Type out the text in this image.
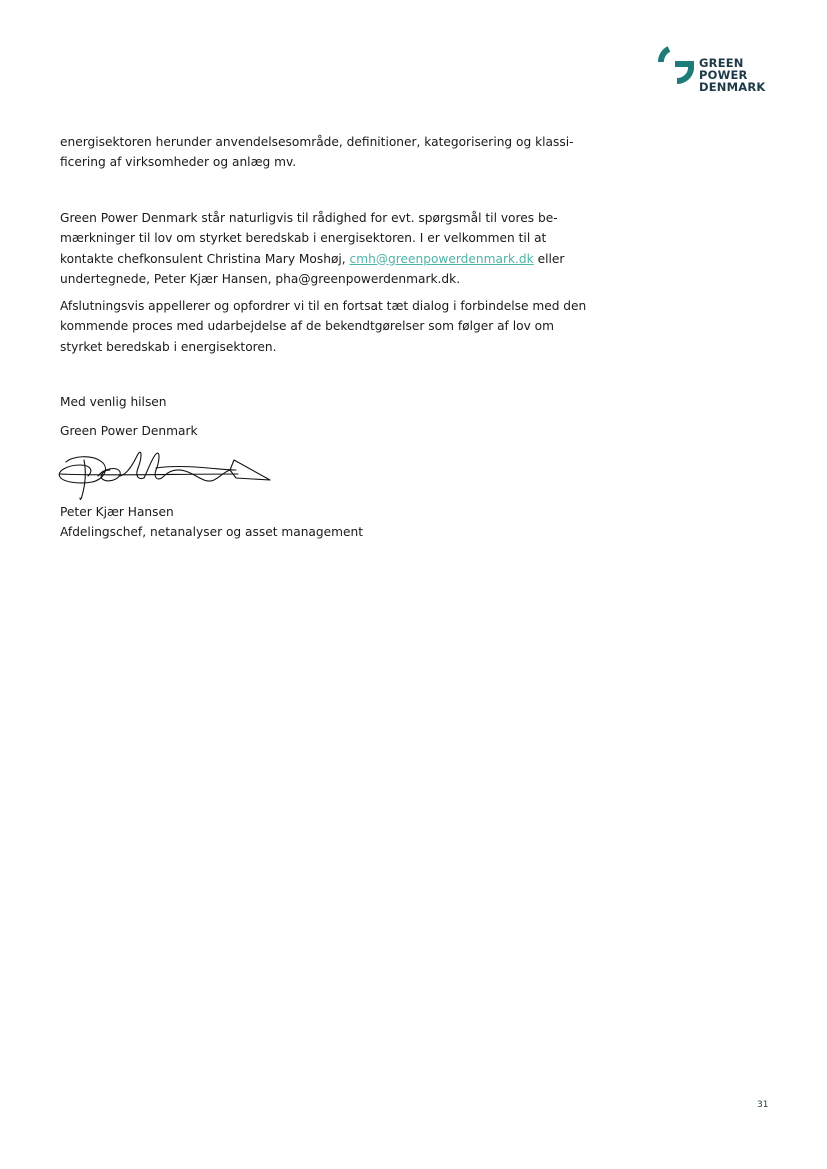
GREEN
POWER
DENMARK

energisektoren herunder anvendelsesområde, definitioner, kategorisering og klassi- ficering af virksomheder og anlæg mv.

Green Power Denmark står naturligvis til rådighed for evt. spørgsmål til vores be- mærkninger til lov om styrket beredskab i energisektoren. I er velkommen til at kontakte chefkonsulent Christina Mary Moshøj, cmh@greenpowerdenmark.dk eller undertegnede, Peter Kjær Hansen, pha@greenpowerdenmark.dk.

Afslutningsvis appellerer og opfordrer vi til en fortsat tæt dialog i forbindelse med den kommende proces med udarbejdelse af de bekendtgørelser som følger af lov om styrket beredskab i energisektoren.

Med venlig hilsen
Green Power Denmark
Peter Kjær Hansen
Afdelingschef, netanalyser og asset management
31
